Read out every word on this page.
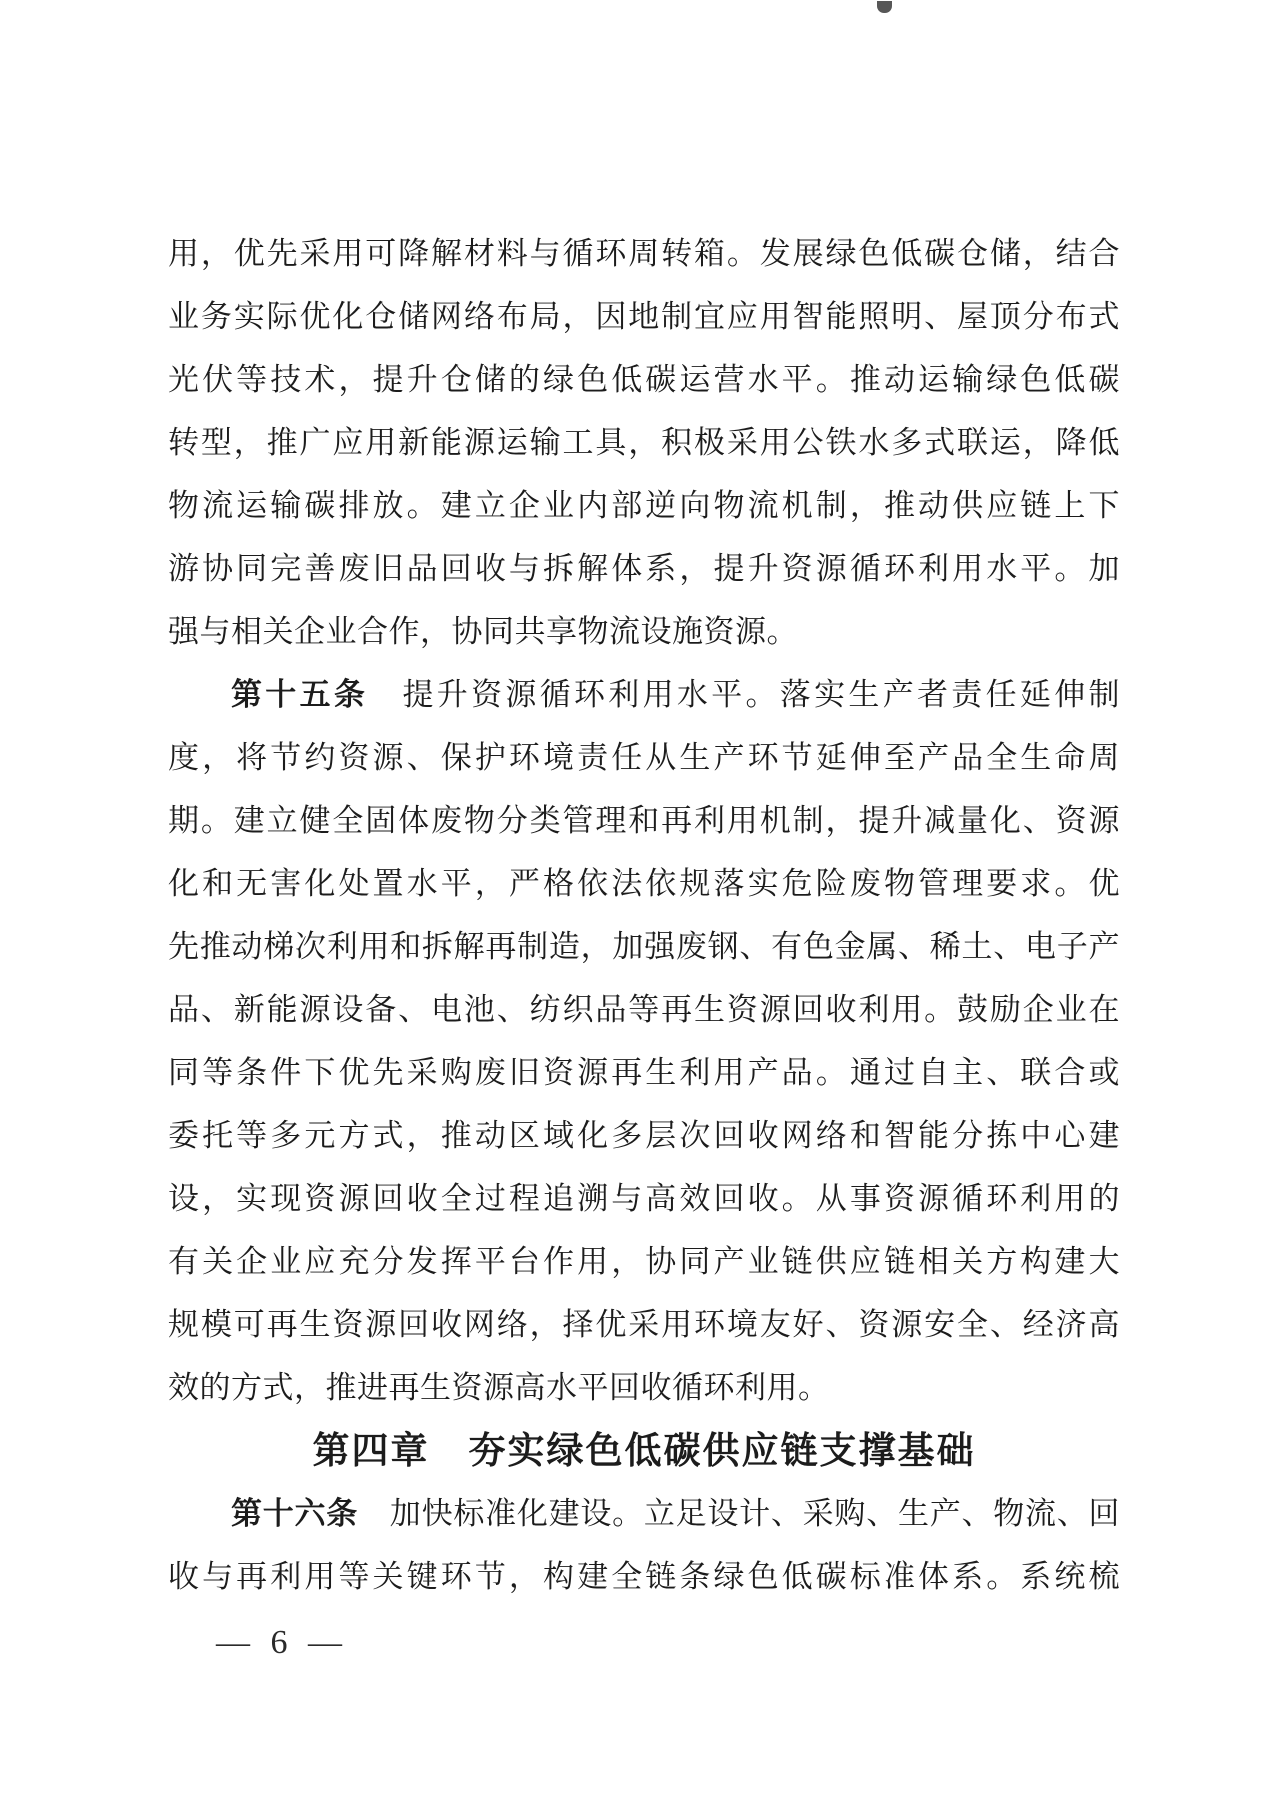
用，优先采用可降解材料与循环周转箱。发展绿色低碳仓储，结合
业务实际优化仓储网络布局，因地制宜应用智能照明、屋顶分布式
光伏等技术，提升仓储的绿色低碳运营水平。推动运输绿色低碳
转型，推广应用新能源运输工具，积极采用公铁水多式联运，降低
物流运输碳排放。建立企业内部逆向物流机制，推动供应链上下
游协同完善废旧品回收与拆解体系，提升资源循环利用水平。加
强与相关企业合作，协同共享物流设施资源。
第十五条　提升资源循环利用水平。落实生产者责任延伸制
度，将节约资源、保护环境责任从生产环节延伸至产品全生命周
期。建立健全固体废物分类管理和再利用机制，提升减量化、资源
化和无害化处置水平，严格依法依规落实危险废物管理要求。优
先推动梯次利用和拆解再制造，加强废钢、有色金属、稀土、电子产
品、新能源设备、电池、纺织品等再生资源回收利用。鼓励企业在
同等条件下优先采购废旧资源再生利用产品。通过自主、联合或
委托等多元方式，推动区域化多层次回收网络和智能分拣中心建
设，实现资源回收全过程追溯与高效回收。从事资源循环利用的
有关企业应充分发挥平台作用，协同产业链供应链相关方构建大
规模可再生资源回收网络，择优采用环境友好、资源安全、经济高
效的方式，推进再生资源高水平回收循环利用。
第四章　夯实绿色低碳供应链支撑基础
第十六条　加快标准化建设。立足设计、采购、生产、物流、回
收与再利用等关键环节，构建全链条绿色低碳标准体系。系统梳
— 6 —
